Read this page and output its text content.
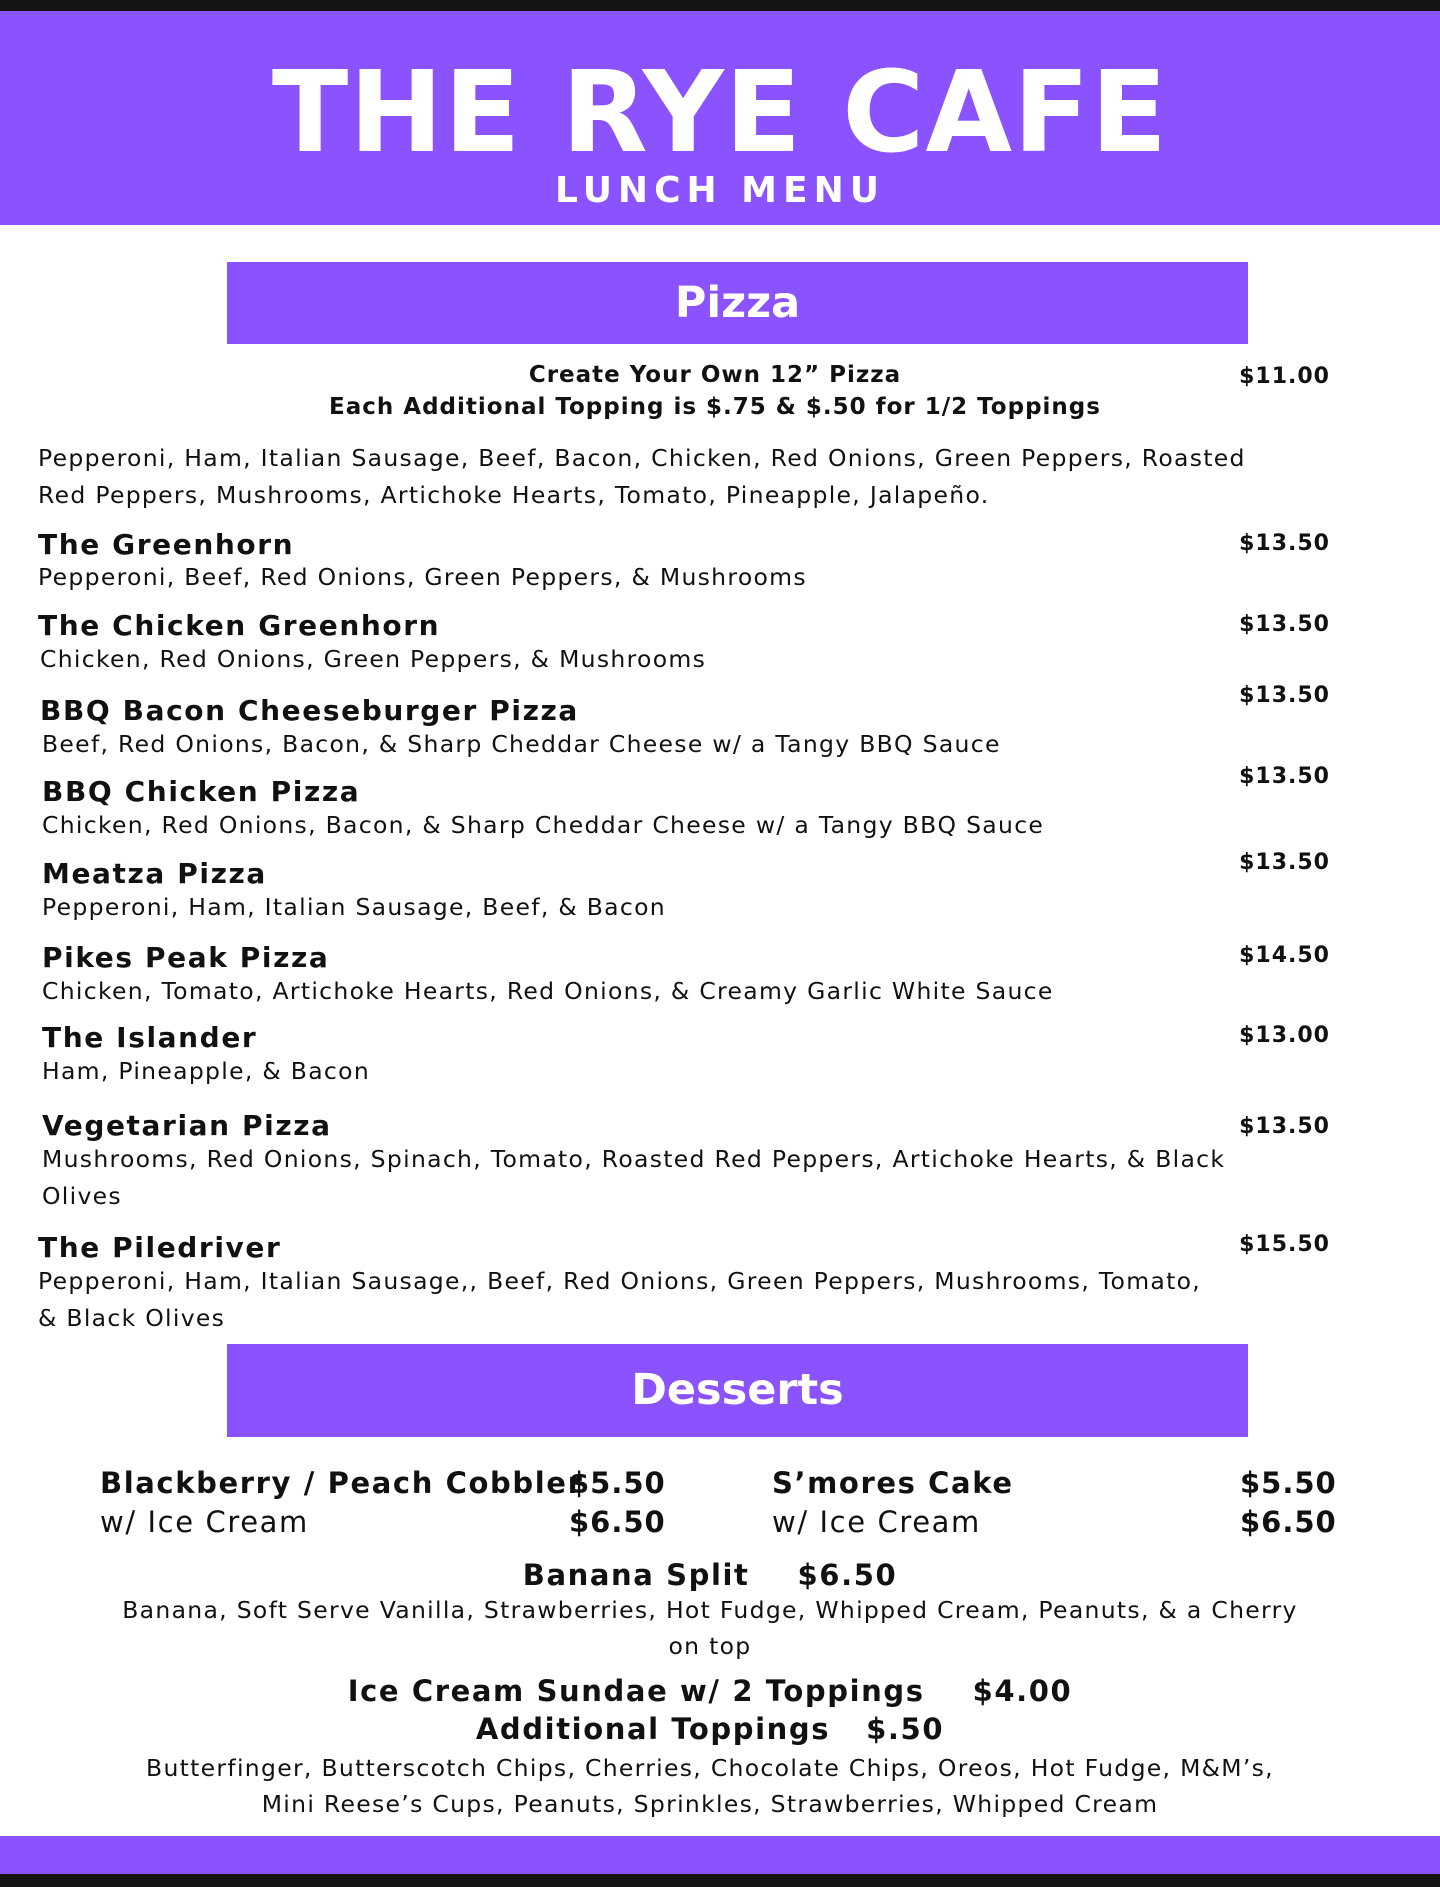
THE RYE CAFE
LUNCH MENU
Pizza
Create Your Own 12” Pizza
Each Additional Topping is $.75 & $.50 for 1/2 Toppings
$11.00
Pepperoni, Ham, Italian Sausage, Beef, Bacon, Chicken, Red Onions, Green Peppers, Roasted Red Peppers, Mushrooms, Artichoke Hearts, Tomato, Pineapple, Jalapeño.
The Greenhorn
Pepperoni, Beef, Red Onions, Green Peppers, & Mushrooms
$13.50
The Chicken Greenhorn
Chicken, Red Onions, Green Peppers, & Mushrooms
$13.50
BBQ Bacon Cheeseburger Pizza
Beef, Red Onions, Bacon, & Sharp Cheddar Cheese w/ a Tangy BBQ Sauce
$13.50
BBQ Chicken Pizza
Chicken, Red Onions, Bacon, & Sharp Cheddar Cheese w/ a Tangy BBQ Sauce
$13.50
Meatza Pizza
Pepperoni, Ham, Italian Sausage, Beef, & Bacon
$13.50
Pikes Peak Pizza
Chicken, Tomato, Artichoke Hearts, Red Onions, & Creamy Garlic White Sauce
$14.50
The Islander
Ham, Pineapple, & Bacon
$13.00
Vegetarian Pizza
Mushrooms, Red Onions, Spinach, Tomato, Roasted Red Peppers, Artichoke Hearts, & Black Olives
$13.50
The Piledriver
Pepperoni, Ham, Italian Sausage,, Beef, Red Onions, Green Peppers, Mushrooms, Tomato, & Black Olives
$15.50
Desserts
Blackberry / Peach Cobbler
$5.50
w/ Ice Cream	$6.50
S’mores Cake	$5.50
w/ Ice Cream	$6.50
Banana Split $6.50
Banana, Soft Serve Vanilla, Strawberries, Hot Fudge, Whipped Cream, Peanuts, & a Cherry on top
Ice Cream Sundae w/ 2 Toppings $4.00
Additional Toppings $.50
Butterfinger, Butterscotch Chips, Cherries, Chocolate Chips, Oreos, Hot Fudge, M&M’s, Mini Reese’s Cups, Peanuts, Sprinkles, Strawberries, Whipped Cream
